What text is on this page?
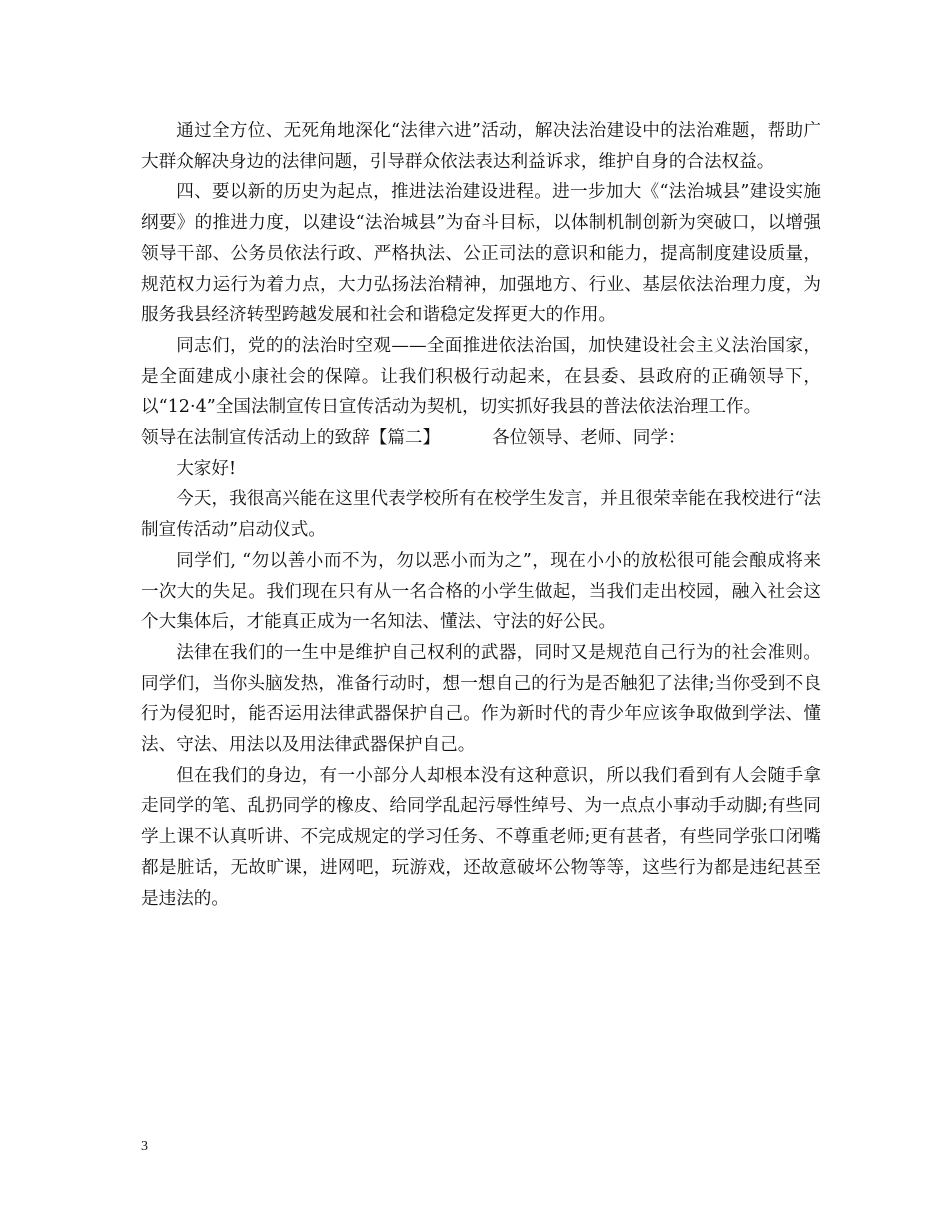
通过全方位、无死角地深化“法律六进”活动，解决法治建设中的法治难题，帮助广大群众解决身边的法律问题，引导群众依法表达利益诉求，维护自身的合法权益。

四、要以新的历史为起点，推进法治建设进程。进一步加大《“法治城县”建设实施纲要》的推进力度，以建设“法治城县”为奋斗目标，以体制机制创新为突破口，以增强领导干部、公务员依法行政、严格执法、公正司法的意识和能力，提高制度建设质量，规范权力运行为着力点，大力弘扬法治精神，加强地方、行业、基层依法治理力度，为服务我县经济转型跨越发展和社会和谐稳定发挥更大的作用。

同志们，党的的法治时空观——全面推进依法治国，加快建设社会主义法治国家，是全面建成小康社会的保障。让我们积极行动起来，在县委、县政府的正确领导下，以“12·4”全国法制宣传日宣传活动为契机，切实抓好我县的普法依法治理工作。

领导在法制宣传活动上的致辞【篇二】	各位领导、老师、同学：

大家好!

今天，我很高兴能在这里代表学校所有在校学生发言，并且很荣幸能在我校进行“法制宣传活动”启动仪式。

同学们, “勿以善小而不为，勿以恶小而为之”，现在小小的放松很可能会酿成将来一次大的失足。我们现在只有从一名合格的小学生做起，当我们走出校园，融入社会这个大集体后，才能真正成为一名知法、懂法、守法的好公民。

法律在我们的一生中是维护自己权利的武器，同时又是规范自己行为的社会准则。同学们，当你头脑发热，准备行动时，想一想自己的行为是否触犯了法律;当你受到不良行为侵犯时，能否运用法律武器保护自己。作为新时代的青少年应该争取做到学法、懂法、守法、用法以及用法律武器保护自己。

但在我们的身边，有一小部分人却根本没有这种意识，所以我们看到有人会随手拿走同学的笔、乱扔同学的橡皮、给同学乱起污辱性绰号、为一点点小事动手动脚;有些同学上课不认真听讲、不完成规定的学习任务、不尊重老师;更有甚者，有些同学张口闭嘴都是脏话，无故旷课，进网吧，玩游戏，还故意破坏公物等等，这些行为都是违纪甚至是违法的。

3
